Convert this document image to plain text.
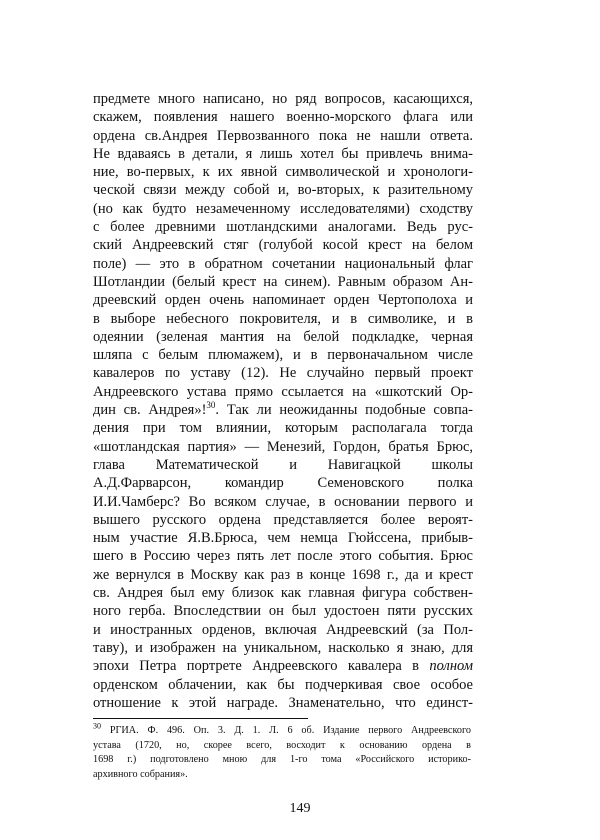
предмете много написано, но ряд вопросов, касающихся,
скажем, появления нашего военно-морского флага или
ордена св.Андрея Первозванного пока не нашли ответа.
Не вдаваясь в детали, я лишь хотел бы привлечь внима-
ние, во-первых, к их явной символической и хронологи-
ческой связи между собой и, во-вторых, к разительному
(но как будто незамеченному исследователями) сходству
с более древними шотландскими аналогами. Ведь рус-
ский Андреевский стяг (голубой косой крест на белом
поле) — это в обратном сочетании национальный флаг
Шотландии (белый крест на синем). Равным образом Ан-
дреевский орден очень напоминает орден Чертополоха и
в выборе небесного покровителя, и в символике, и в
одеянии (зеленая мантия на белой подкладке, черная
шляпа с белым плюмажем), и в первоначальном числе
кавалеров по уставу (12). Не случайно первый проект
Андреевского устава прямо ссылается на «шкотский Ор-
дин св. Андрея»!$^{30}$. Так ли неожиданны подобные совпа-
дения при том влиянии, которым располагала тогда
«шотландская партия» — Менезий, Гордон, братья Брюс,
глава Математической и Навигацкой школы
А.Д.Фарварсон, командир Семеновского полка
И.И.Чамберс? Во всяком случае, в основании первого и
вышего русского ордена представляется более вероят-
ным участие Я.В.Брюса, чем немца Гюйссена, прибыв-
шего в Россию через пять лет после этого события. Брюс
же вернулся в Москву как раз в конце 1698 г., да и крест
св. Андрея был ему близок как главная фигура собствен-
ного герба. Впоследствии он был удостоен пяти русских
и иностранных орденов, включая Андреевский (за Пол-
таву), и изображен на уникальном, насколько я знаю, для
эпохи Петра портрете Андреевского кавалера в полном
орденском облачении, как бы подчеркивая свое особое
отношение к этой награде. Знаменательно, что единст-
$^{30}$ РГИА. Ф. 496. Оп. 3. Д. 1. Л. 6 об. Издание первого Андреевского
устава (1720, но, скорее всего, восходит к основанию ордена в
1698 г.) подготовлено мною для 1-го тома «Российского историко-
архивного собрания».
149
